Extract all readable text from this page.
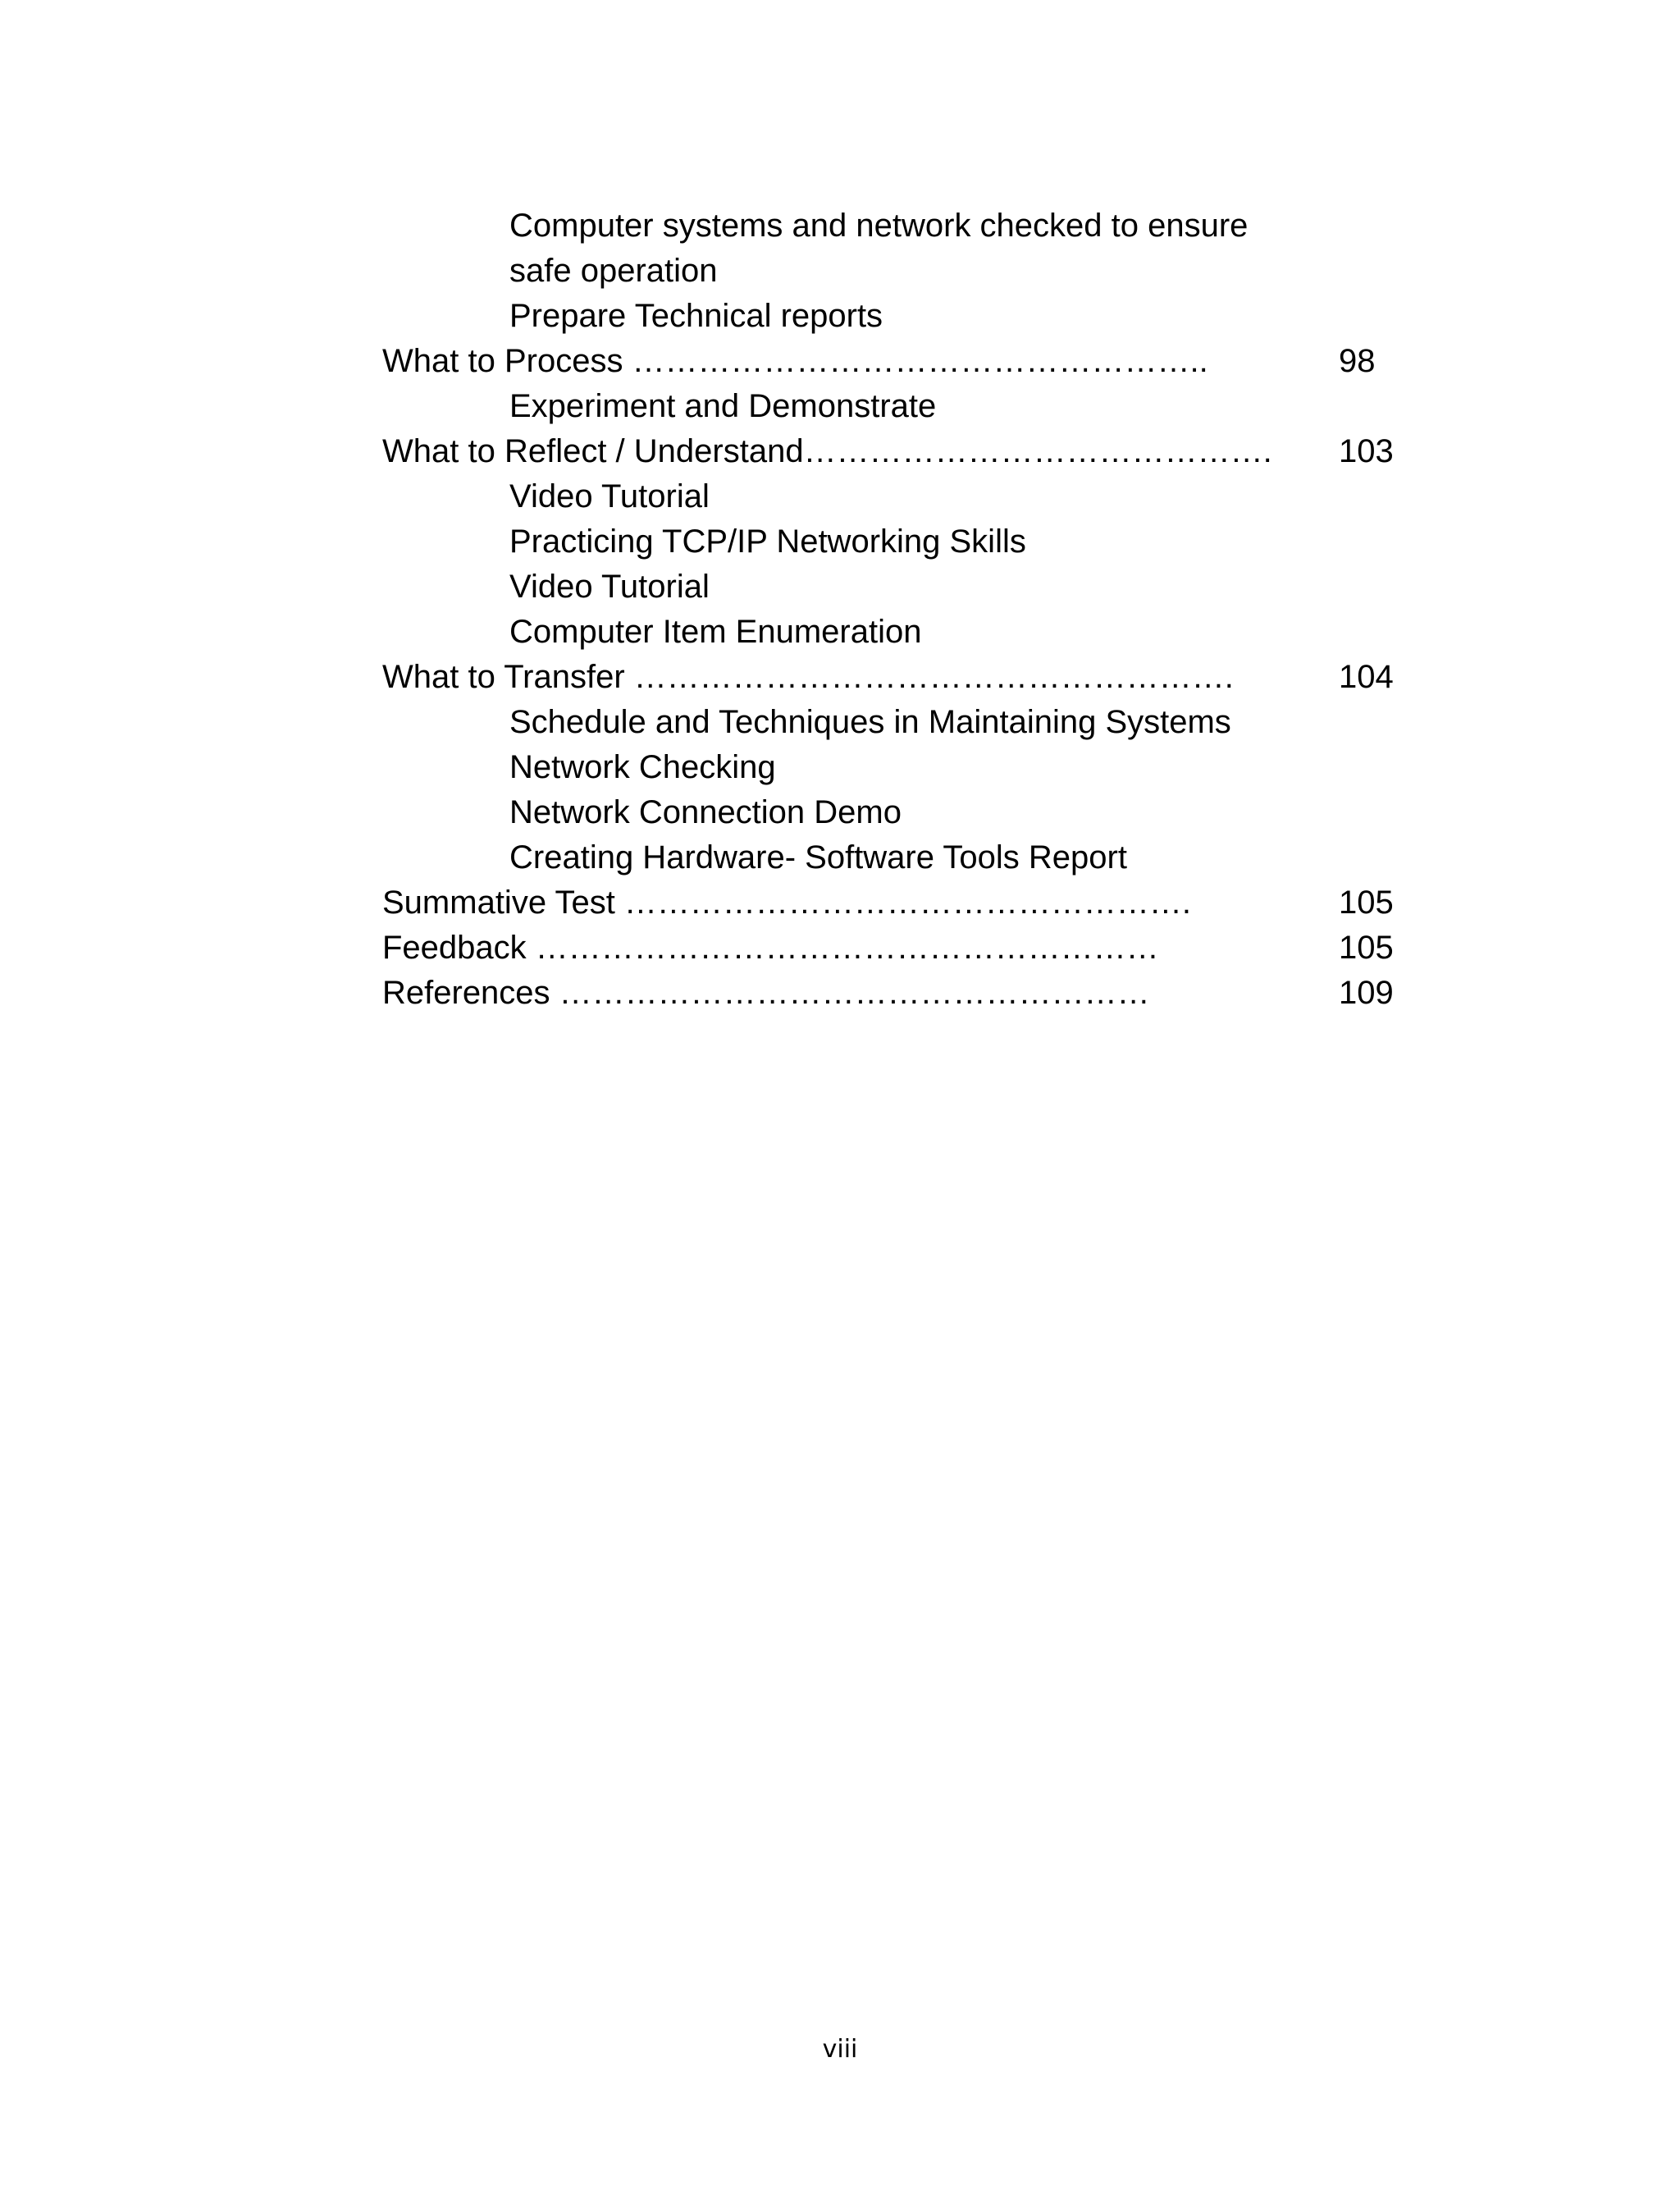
Computer systems and network checked to ensure
safe operation
Prepare Technical reports
What to Process ……………………………………………..	98
Experiment and Demonstrate
What to Reflect / Understand……………………………………. 103
Video Tutorial
Practicing TCP/IP Networking Skills
Video Tutorial
Computer Item Enumeration
What to Transfer ……………………………………………….	104
Schedule and Techniques in Maintaining Systems
Network Checking
Network Connection Demo
Creating Hardware- Software Tools Report
Summative Test …………………………………………….	105
Feedback …………………………………………………	105
References ………………………………………………	109
viii
